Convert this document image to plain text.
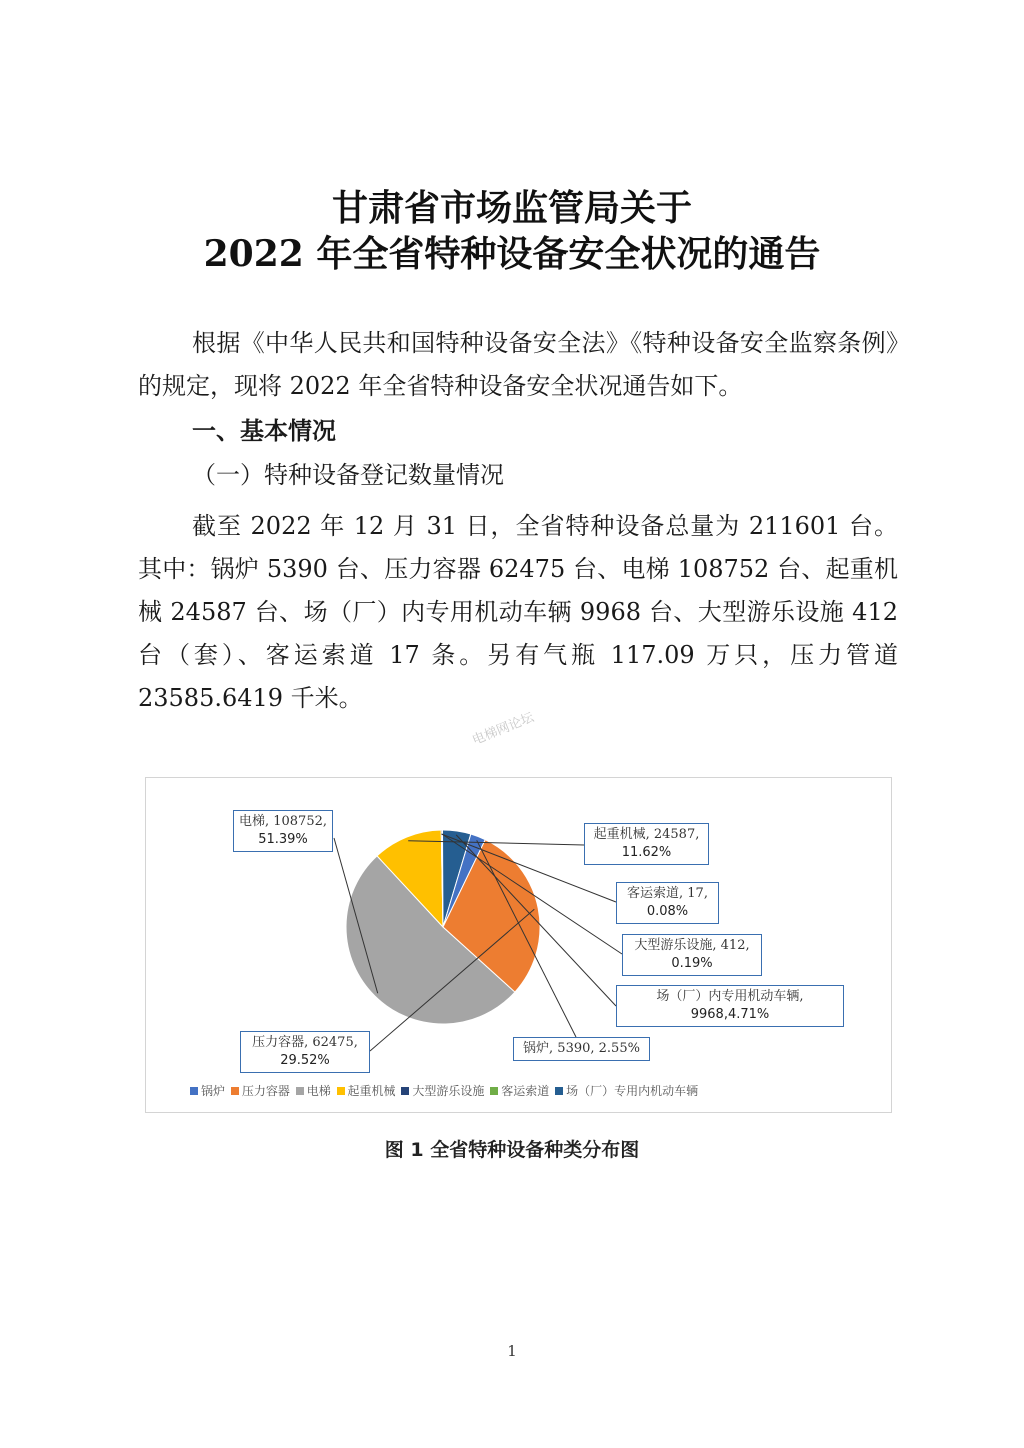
甘肃省市场监管局关于
2022 年全省特种设备安全状况的通告
根据《中华人民共和国特种设备安全法》《特种设备安全监察条例》的规定，现将 2022 年全省特种设备安全状况通告如下。
一、基本情况
（一）特种设备登记数量情况
截至 2022 年 12 月 31 日，全省特种设备总量为 211601 台。其中：锅炉 5390 台、压力容器 62475 台、电梯 108752 台、起重机械 24587 台、场（厂）内专用机动车辆 9968 台、大型游乐设施 412 台（套）、客运索道 17 条。另有气瓶 117.09 万只，压力管道 23585.6419 千米。
电梯网论坛
电梯, 108752,
51.39%	起重机械, 24587,
11.62%
客运索道, 17,
0.08%
大型游乐设施, 412,
0.19%
场（厂）内专用机动车辆,
9968,4.71%
锅炉, 5390, 2.55%
压力容器, 62475,
29.52%
锅炉 压力容器 电梯 起重机械 大型游乐设施 客运索道 场（厂）专用内机动车辆
图 1 全省特种设备种类分布图
1
